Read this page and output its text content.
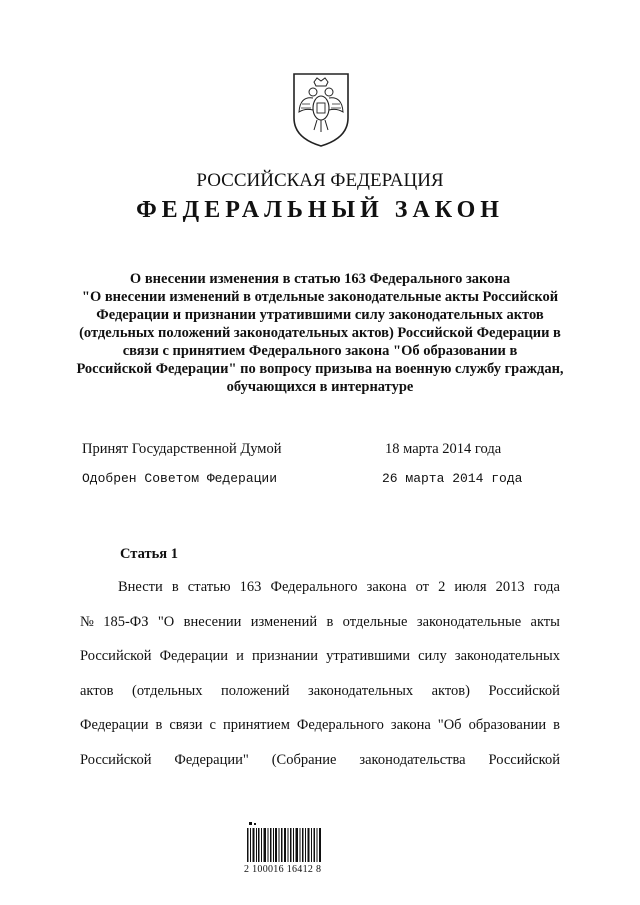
РОССИЙСКАЯ ФЕДЕРАЦИЯ
ФЕДЕРАЛЬНЫЙ ЗАКОН
О внесении изменения в статью 163 Федерального закона
"О внесении изменений в отдельные законодательные акты Российской
Федерации и признании утратившими силу законодательных актов
(отдельных положений законодательных актов) Российской Федерации в
связи с принятием Федерального закона "Об образовании в
Российской Федерации" по вопросу призыва на военную службу граждан,
обучающихся в интернатуре
Принят Государственной Думой	18 марта 2014 года
Одобрен Советом Федерации	26 марта 2014 года
Статья 1
Внести в статью 163 Федерального закона от 2 июля 2013 года
№ 185-ФЗ "О внесении изменений в отдельные законодательные акты
Российской Федерации и признании утратившими силу законодательных
актов (отдельных положений законодательных актов) Российской
Федерации в связи с принятием Федерального закона "Об образовании в
Российской Федерации" (Собрание законодательства Российской
2 100016 16412 8
